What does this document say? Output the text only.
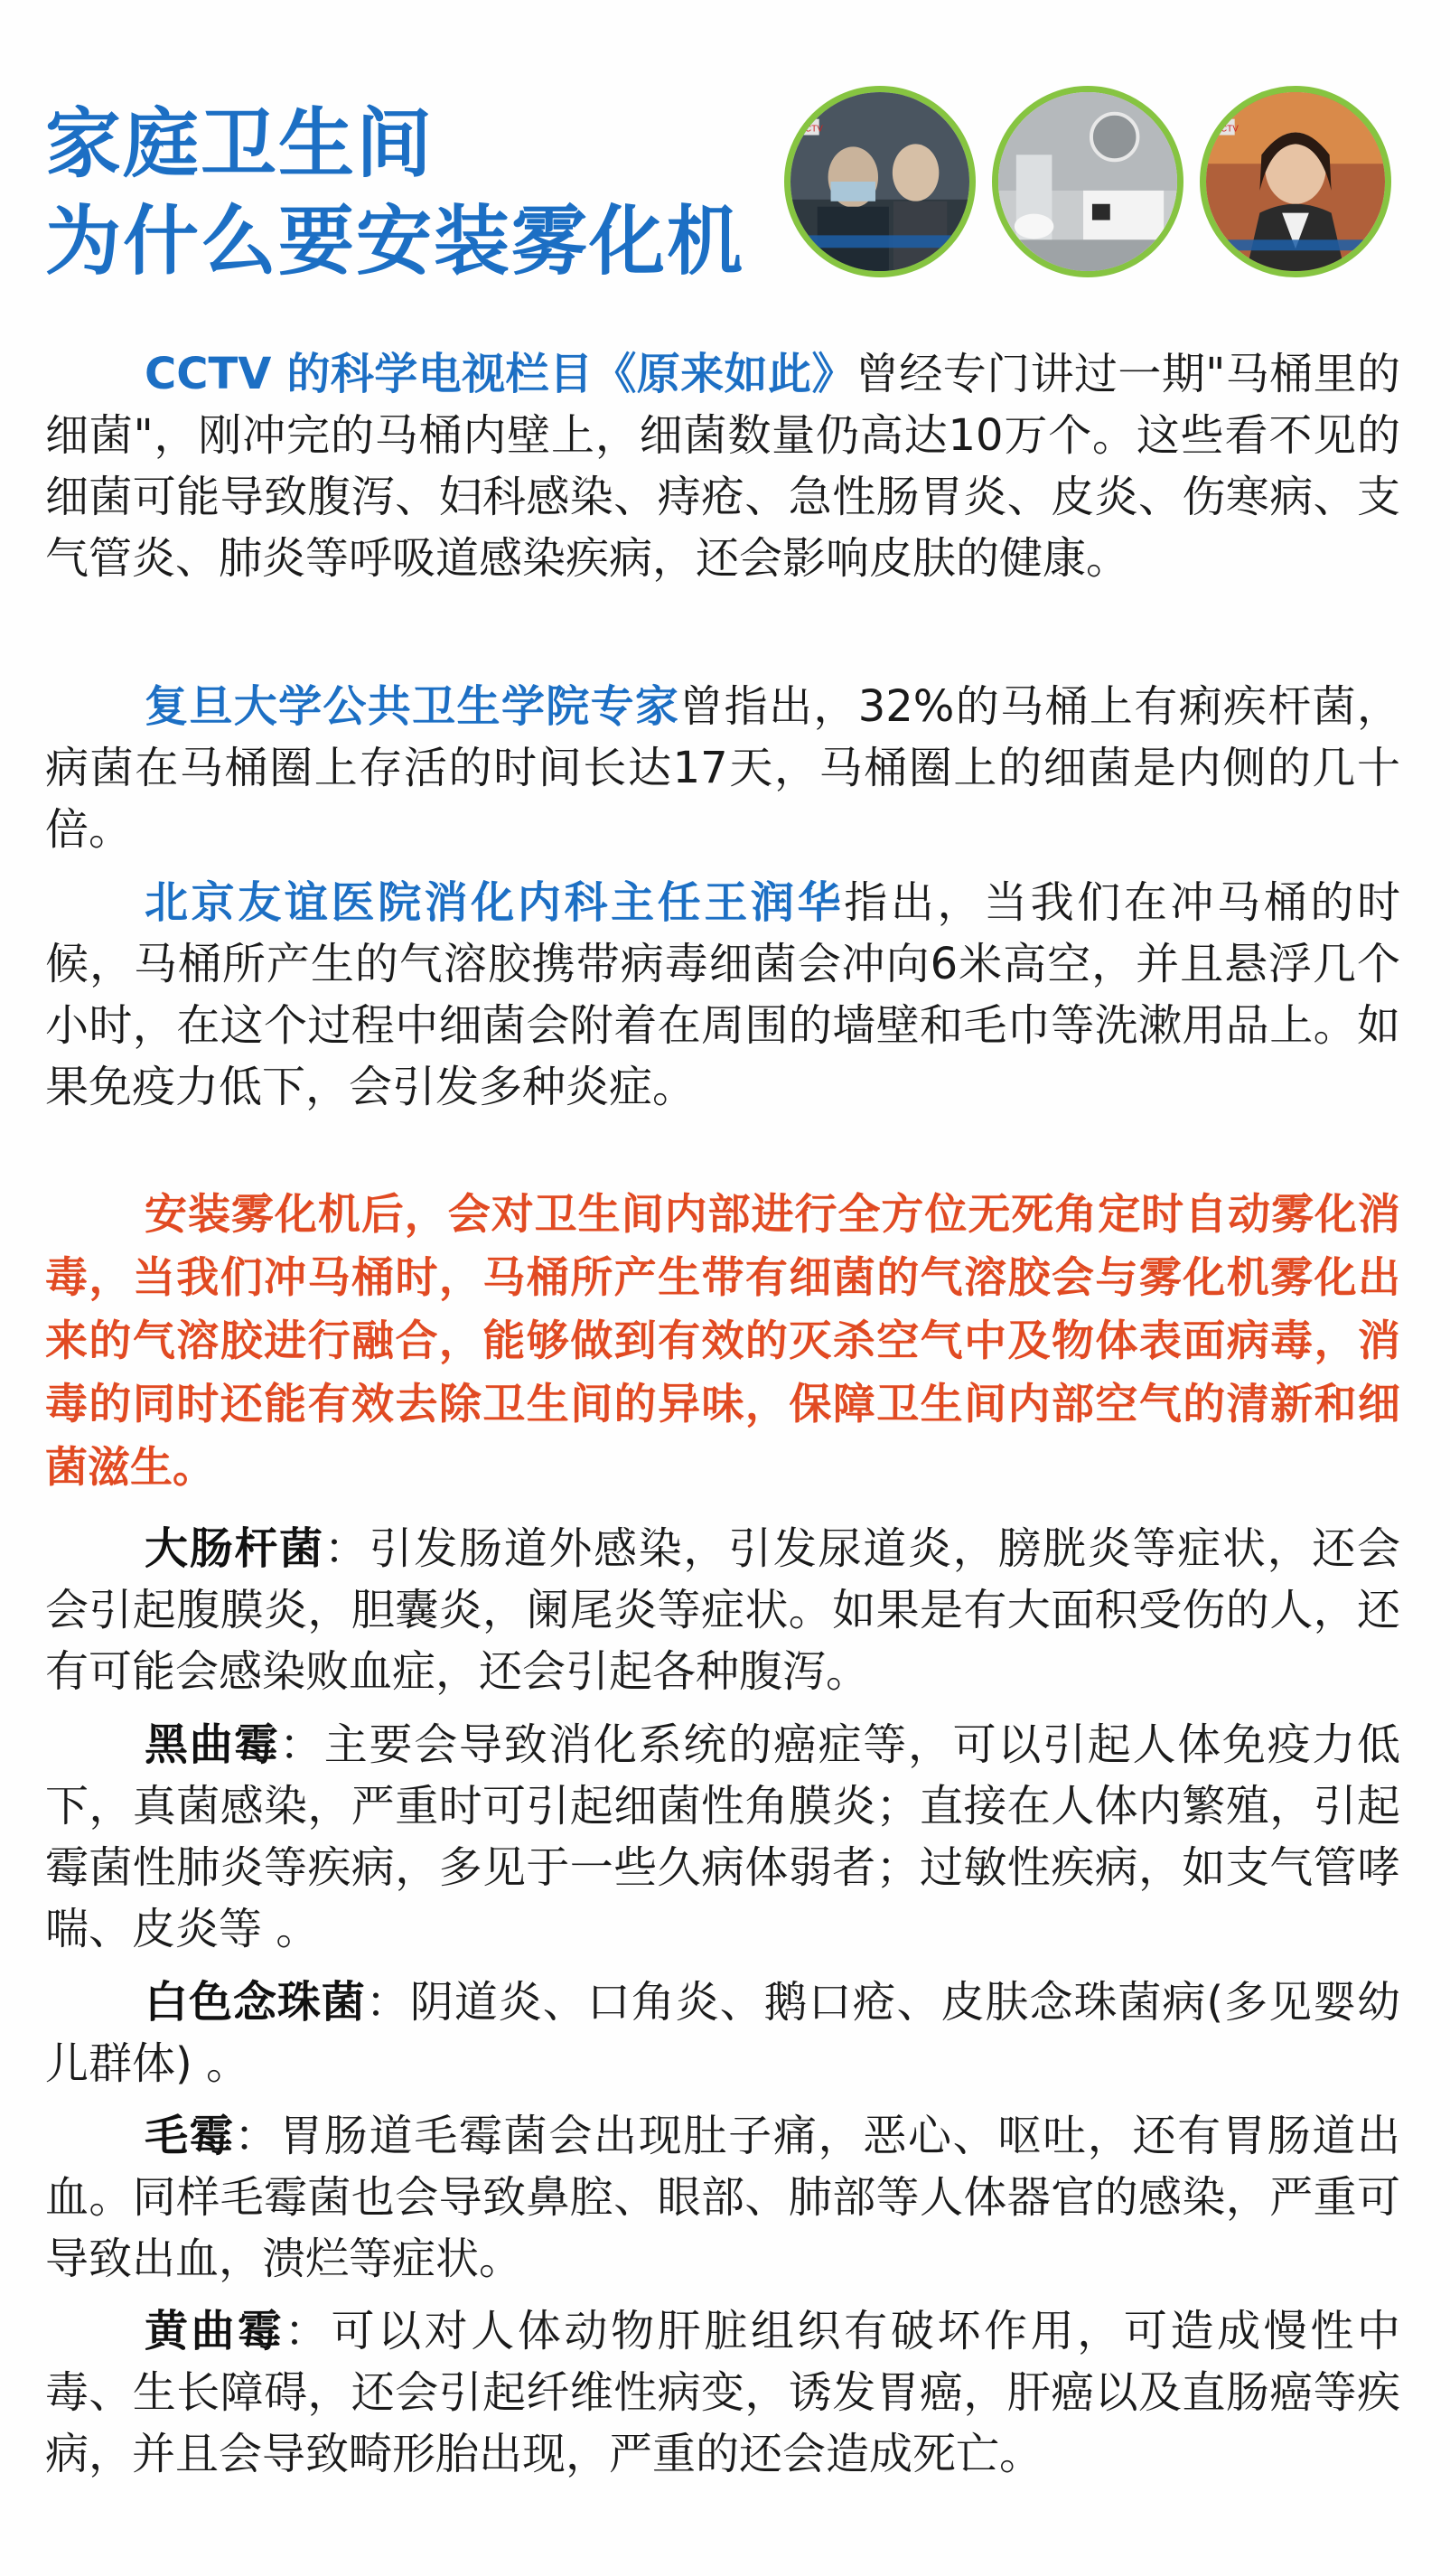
家庭卫生间
为什么要安装雾化机
CCTV	CCTV

CCTV 的科学电视栏目《原来如此》曾经专门讲过一期"马桶里的细菌"，刚冲完的马桶内壁上，细菌数量仍高达10万个。这些看不见的细菌可能导致腹泻、妇科感染、痔疮、急性肠胃炎、皮炎、伤寒病、支气管炎、肺炎等呼吸道感染疾病，还会影响皮肤的健康。

复旦大学公共卫生学院专家曾指出，32%的马桶上有痢疾杆菌，病菌在马桶圈上存活的时间长达17天，马桶圈上的细菌是内侧的几十倍。

北京友谊医院消化内科主任王润华指出，当我们在冲马桶的时候，马桶所产生的气溶胶携带病毒细菌会冲向6米高空，并且悬浮几个小时，在这个过程中细菌会附着在周围的墙壁和毛巾等洗漱用品上。如果免疫力低下，会引发多种炎症。

安装雾化机后，会对卫生间内部进行全方位无死角定时自动雾化消毒，当我们冲马桶时，马桶所产生带有细菌的气溶胶会与雾化机雾化出来的气溶胶进行融合，能够做到有效的灭杀空气中及物体表面病毒，消毒的同时还能有效去除卫生间的异味，保障卫生间内部空气的清新和细菌滋生。

大肠杆菌：引发肠道外感染，引发尿道炎，膀胱炎等症状，还会会引起腹膜炎，胆囊炎，阑尾炎等症状。如果是有大面积受伤的人，还有可能会感染败血症，还会引起各种腹泻。

黑曲霉：主要会导致消化系统的癌症等，可以引起人体免疫力低下，真菌感染，严重时可引起细菌性角膜炎；直接在人体内繁殖，引起霉菌性肺炎等疾病，多见于一些久病体弱者；过敏性疾病，如支气管哮喘、皮炎等 。

白色念珠菌：阴道炎、口角炎、鹅口疮、皮肤念珠菌病(多见婴幼儿群体) 。

毛霉：胃肠道毛霉菌会出现肚子痛，恶心、呕吐，还有胃肠道出血。同样毛霉菌也会导致鼻腔、眼部、肺部等人体器官的感染，严重可导致出血，溃烂等症状。

黄曲霉：可以对人体动物肝脏组织有破坏作用，可造成慢性中毒、生长障碍，还会引起纤维性病变，诱发胃癌，肝癌以及直肠癌等疾病，并且会导致畸形胎出现，严重的还会造成死亡。
